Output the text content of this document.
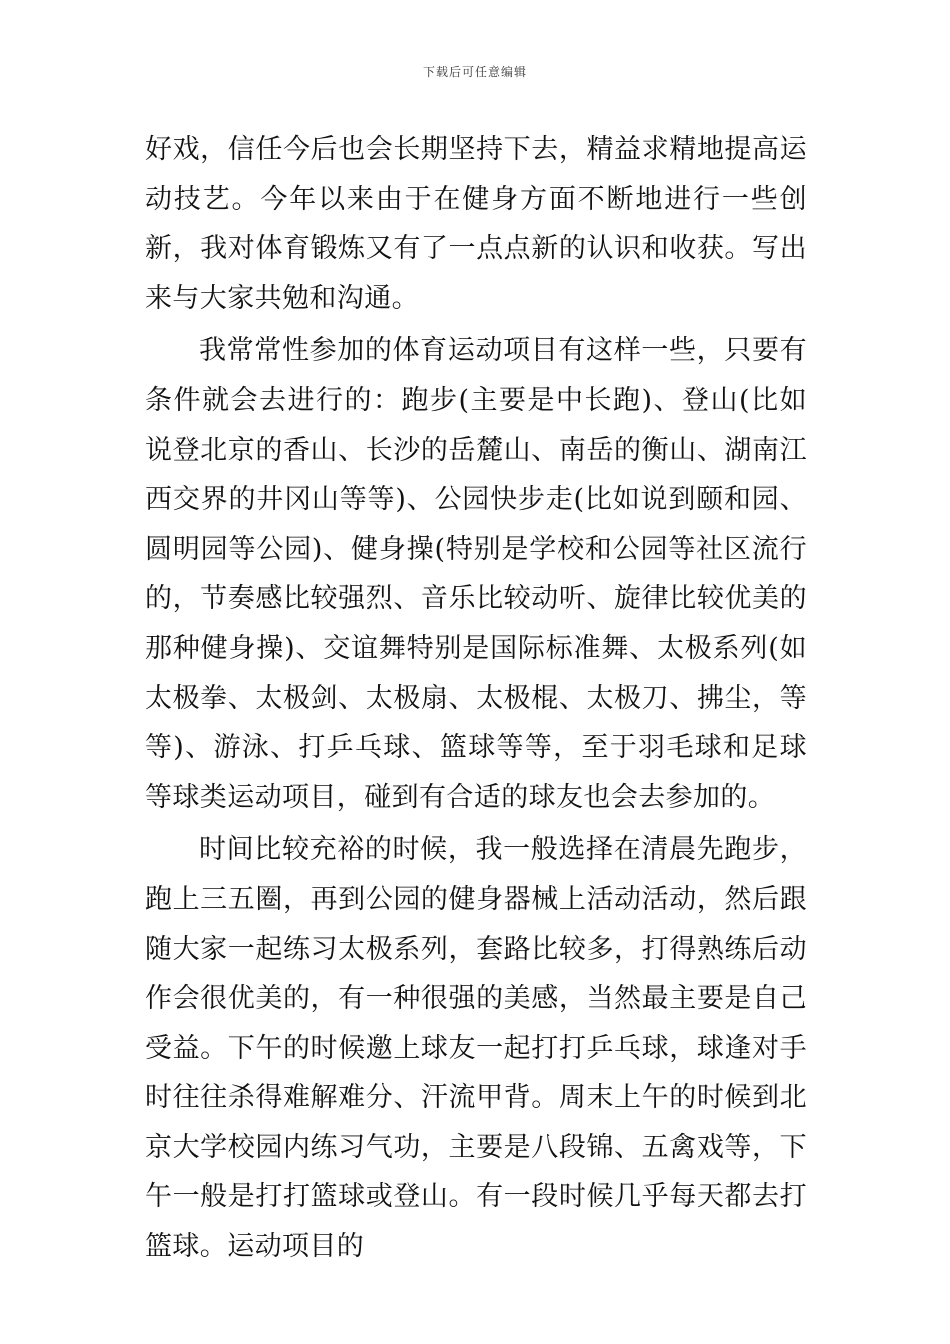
下载后可任意编辑

好戏，信任今后也会长期坚持下去，精益求精地提高运动技艺。今年以来由于在健身方面不断地进行一些创新，我对体育锻炼又有了一点点新的认识和收获。写出来与大家共勉和沟通。

我常常性参加的体育运动项目有这样一些，只要有条件就会去进行的：跑步(主要是中长跑)、登山(比如说登北京的香山、长沙的岳麓山、南岳的衡山、湖南江西交界的井冈山等等)、公园快步走(比如说到颐和园、圆明园等公园)、健身操(特别是学校和公园等社区流行的，节奏感比较强烈、音乐比较动听、旋律比较优美的那种健身操)、交谊舞特别是国际标准舞、太极系列(如太极拳、太极剑、太极扇、太极棍、太极刀、拂尘，等等)、游泳、打乒乓球、篮球等等，至于羽毛球和足球等球类运动项目，碰到有合适的球友也会去参加的。

时间比较充裕的时候，我一般选择在清晨先跑步，跑上三五圈，再到公园的健身器械上活动活动，然后跟随大家一起练习太极系列，套路比较多，打得熟练后动作会很优美的，有一种很强的美感，当然最主要是自己受益。下午的时候邀上球友一起打打乒乓球，球逢对手时往往杀得难解难分、汗流甲背。周末上午的时候到北京大学校园内练习气功，主要是八段锦、五禽戏等，下午一般是打打篮球或登山。有一段时候几乎每天都去打篮球。运动项目的
